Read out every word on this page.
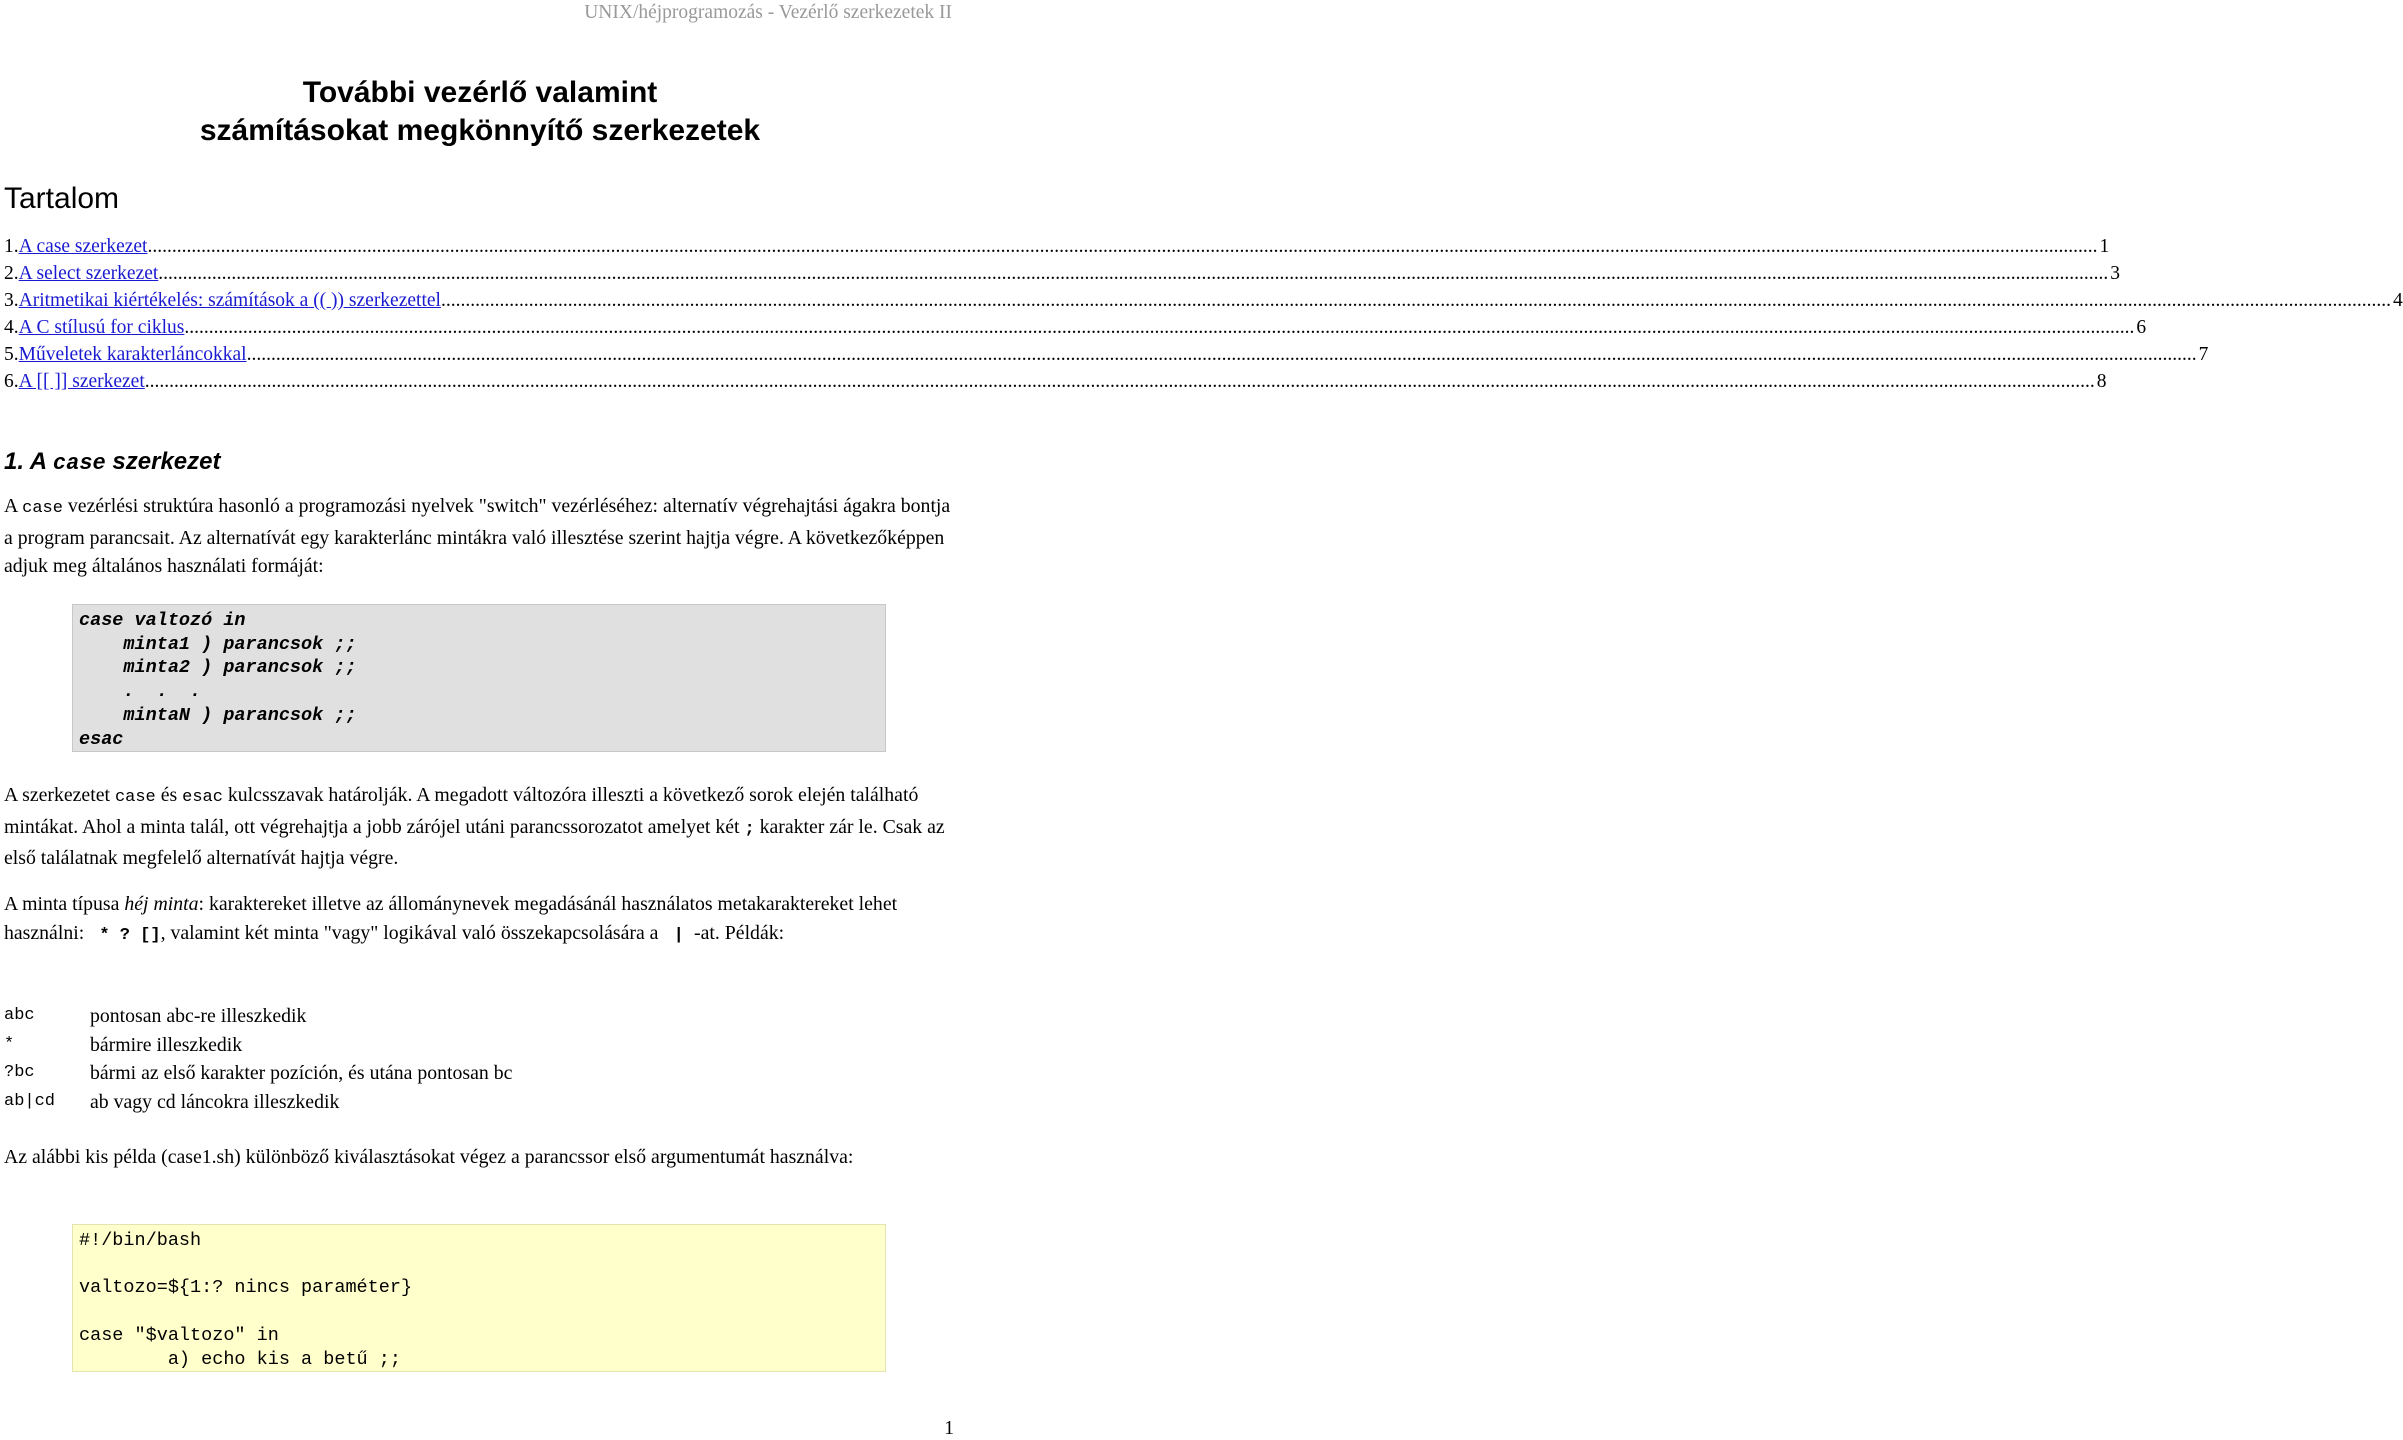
UNIX/héjprogramozás - Vezérlő szerkezetek II
További vezérlő valamint
számításokat megkönnyítő szerkezetek
Tartalom
1. A case szerkezet ................................................................................................................................................................................................................................................................................................................................................................................................................ 1
2. A select szerkezet ................................................................................................................................................................................................................................................................................................................................................................................................................ 3
3. Aritmetikai kiértékelés: számítások a (( )) szerkezettel ................................................................................................................................................................................................................................................................................................................................................................................................................ 4
4. A C stílusú for ciklus ................................................................................................................................................................................................................................................................................................................................................................................................................ 6
5. Műveletek karakterláncokkal ................................................................................................................................................................................................................................................................................................................................................................................................................ 7
6. A [[ ]] szerkezet ................................................................................................................................................................................................................................................................................................................................................................................................................ 8
1. A case szerkezet
A case vezérlési struktúra hasonló a programozási nyelvek "switch" vezérléséhez: alternatív végrehajtási ágakra bontja a program parancsait. Az alternatívát egy karakterlánc mintákra való illesztése szerint hajtja végre. A következőképpen adjuk meg általános használati formáját:
case valtozó in
minta1 ) parancsok ;;
minta2 ) parancsok ;;
.  .  .
mintaN ) parancsok ;;
esac
A szerkezetet case és esac kulcsszavak határolják. A megadott változóra illeszti a következő sorok elején található mintákat. Ahol a minta talál, ott végrehajtja a jobb zárójel utáni parancssorozatot amelyet két ; karakter zár le. Csak az első találatnak megfelelő alternatívát hajtja végre.
A minta típusa héj minta: karaktereket illetve az állománynevek megadásánál használatos metakaraktereket lehet használni:  * ? [], valamint két minta "vagy" logikával való összekapcsolására a  | -at. Példák:
abc	pontosan abc-re illeszkedik
*	bármire illeszkedik
?bc	bármi az első karakter pozíción, és utána pontosan bc
ab|cd	ab vagy cd láncokra illeszkedik
Az alábbi kis példa (case1.sh) különböző kiválasztásokat végez a parancssor első argumentumát használva:
#!/bin/bash

valtozo=${1:? nincs paraméter}

case "$valtozo" in
a) echo kis a betű ;;
1
